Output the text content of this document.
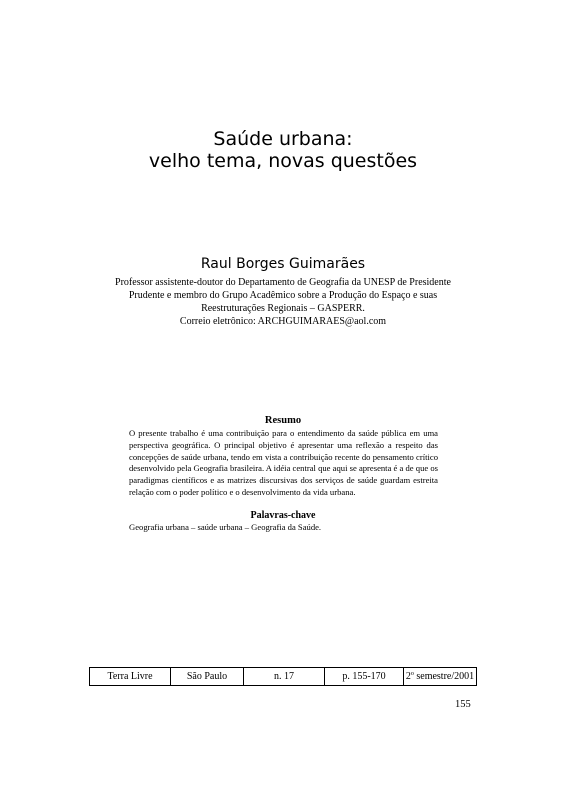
Saúde urbana:
velho tema, novas questões
Raul Borges Guimarães
Professor assistente-doutor do Departamento de Geografia da UNESP de Presidente
Prudente e membro do Grupo Acadêmico sobre a Produção do Espaço e suas
Reestruturações Regionais – GASPERR.
Correio eletrônico: ARCHGUIMARAES@aol.com
Resumo
O presente trabalho é uma contribuição para o entendimento da saúde pública em uma perspectiva geográfica. O principal objetivo é apresentar uma reflexão a respeito das concepções de saúde urbana, tendo em vista a contribuição recente do pensamento crítico desenvolvido pela Geografia brasileira. A idéia central que aqui se apresenta é a de que os paradigmas científicos e as matrizes discursivas dos serviços de saúde guardam estreita relação com o poder político e o desenvolvimento da vida urbana.
Palavras-chave
Geografia urbana – saúde urbana – Geografia da Saúde.
Terra Livre	São Paulo	n. 17	p. 155-170	2$^o$ semestre/2001
155
